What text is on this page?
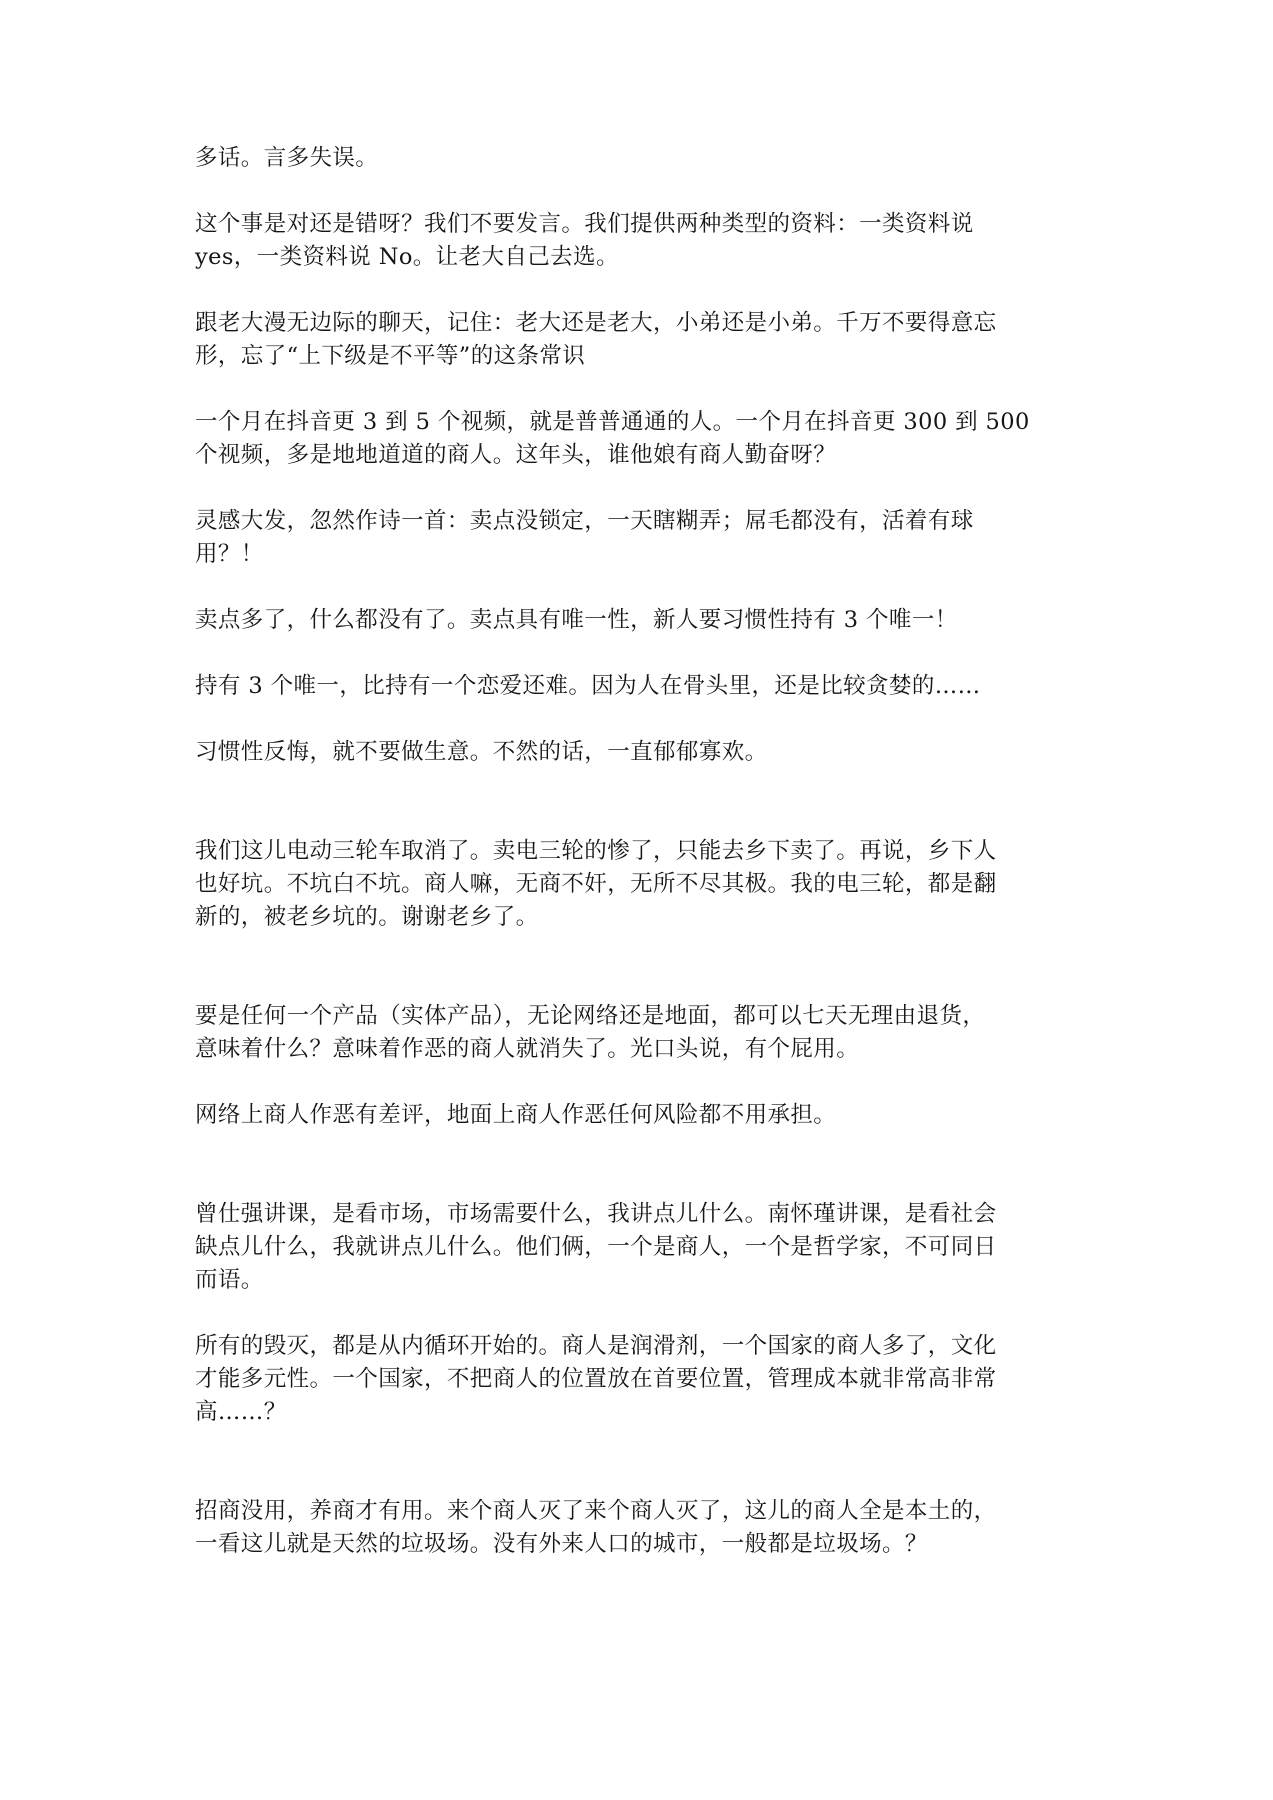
多话。言多失误。

这个事是对还是错呀？我们不要发言。我们提供两种类型的资料：一类资料说
yes，一类资料说 No。让老大自己去选。

跟老大漫无边际的聊天，记住：老大还是老大，小弟还是小弟。千万不要得意忘
形，忘了“上下级是不平等”的这条常识

一个月在抖音更 3 到 5 个视频，就是普普通通的人。一个月在抖音更 300 到 500
个视频，多是地地道道的商人。这年头，谁他娘有商人勤奋呀？

灵感大发，忽然作诗一首：卖点没锁定，一天瞎糊弄；屌毛都没有，活着有球
用？！

卖点多了，什么都没有了。卖点具有唯一性，新人要习惯性持有 3 个唯一！

持有 3 个唯一，比持有一个恋爱还难。因为人在骨头里，还是比较贪婪的……

习惯性反悔，就不要做生意。不然的话，一直郁郁寡欢。

我们这儿电动三轮车取消了。卖电三轮的惨了，只能去乡下卖了。再说，乡下人
也好坑。不坑白不坑。商人嘛，无商不奸，无所不尽其极。我的电三轮，都是翻
新的，被老乡坑的。谢谢老乡了。

要是任何一个产品（实体产品），无论网络还是地面，都可以七天无理由退货，
意味着什么？意味着作恶的商人就消失了。光口头说，有个屁用。

网络上商人作恶有差评，地面上商人作恶任何风险都不用承担。

曾仕强讲课，是看市场，市场需要什么，我讲点儿什么。南怀瑾讲课，是看社会
缺点儿什么，我就讲点儿什么。他们俩，一个是商人，一个是哲学家，不可同日
而语。

所有的毁灭，都是从内循环开始的。商人是润滑剂，一个国家的商人多了，文化
才能多元性。一个国家，不把商人的位置放在首要位置，管理成本就非常高非常
高……？

招商没用，养商才有用。来个商人灭了来个商人灭了，这儿的商人全是本土的，
一看这儿就是天然的垃圾场。没有外来人口的城市，一般都是垃圾场。？
